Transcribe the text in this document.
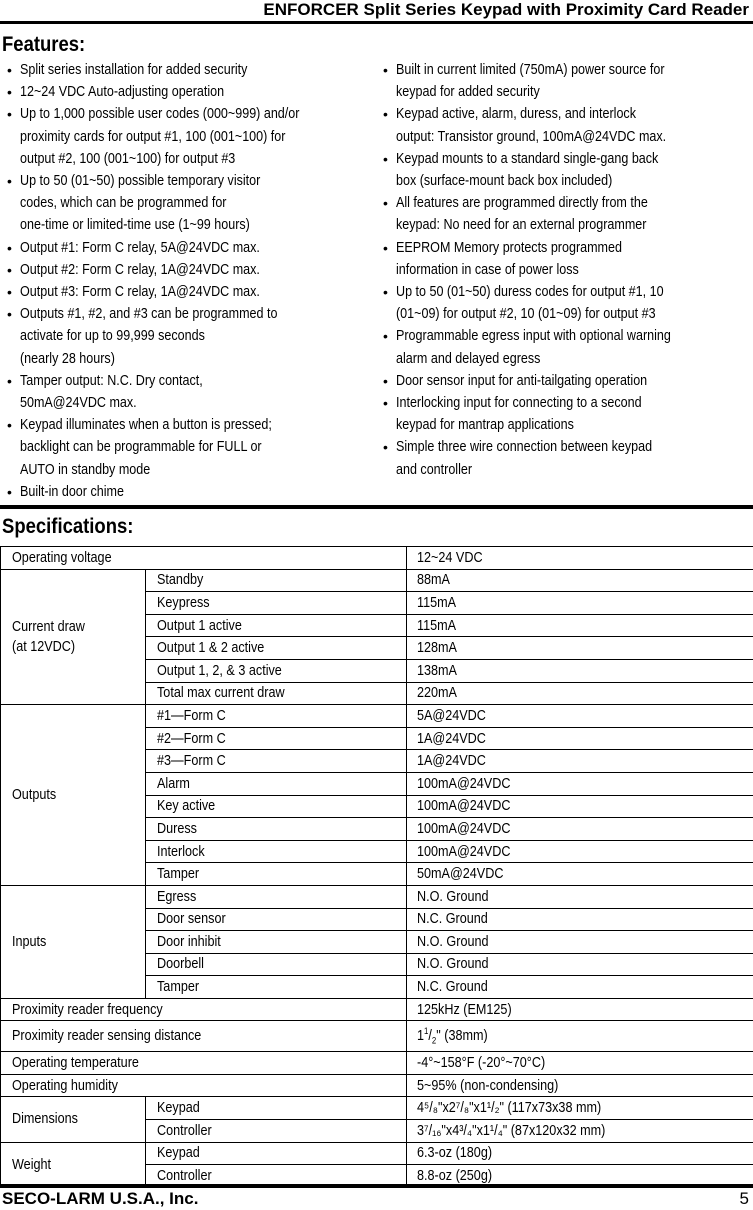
ENFORCER Split Series Keypad with Proximity Card Reader
Features:
• Split series installation for added security
• 12~24 VDC Auto-adjusting operation
• Up to 1,000 possible user codes (000~999) and/or
proximity cards for output #1, 100 (001~100) for
output #2, 100 (001~100) for output #3
• Up to 50 (01~50) possible temporary visitor
codes, which can be programmed for
one-time or limited-time use (1~99 hours)
• Output #1: Form C relay, 5A@24VDC max.
• Output #2: Form C relay, 1A@24VDC max.
• Output #3: Form C relay, 1A@24VDC max.
• Outputs #1, #2, and #3 can be programmed to
activate for up to 99,999 seconds
(nearly 28 hours)
• Tamper output: N.C. Dry contact,
50mA@24VDC max.
• Keypad illuminates when a button is pressed;
backlight can be programmable for FULL or
AUTO in standby mode
• Built-in door chime
• Built in current limited (750mA) power source for
keypad for added security
• Keypad active, alarm, duress, and interlock
output: Transistor ground, 100mA@24VDC max.
• Keypad mounts to a standard single-gang back
box (surface-mount back box included)
• All features are programmed directly from the
keypad: No need for an external programmer
• EEPROM Memory protects programmed
information in case of power loss
• Up to 50 (01~50) duress codes for output #1, 10
(01~09) for output #2, 10 (01~09) for output #3
• Programmable egress input with optional warning
alarm and delayed egress
• Door sensor input for anti-tailgating operation
• Interlocking input for connecting to a second
keypad for mantrap applications
• Simple three wire connection between keypad
and controller
Specifications:
Operating voltage		12~24 VDC
Current draw
(at 12VDC)	Standby	88mA
	Keypress	115mA
	Output 1 active	115mA
	Output 1 & 2 active	128mA
	Output 1, 2, & 3 active	138mA
	Total max current draw	220mA
Outputs	#1—Form C	5A@24VDC
	#2—Form C	1A@24VDC
	#3—Form C	1A@24VDC
	Alarm	100mA@24VDC
	Key active	100mA@24VDC
	Duress	100mA@24VDC
	Interlock	100mA@24VDC
	Tamper	50mA@24VDC
Inputs	Egress	N.O. Ground
	Door sensor	N.C. Ground
	Door inhibit	N.O. Ground
	Doorbell	N.O. Ground
	Tamper	N.C. Ground
Proximity reader frequency		125kHz (EM125)
Proximity reader sensing distance		$1^1/_2$" (38mm)
Operating temperature		-4°~158°F (-20°~70°C)
Operating humidity		5~95% (non-condensing)
Dimensions	Keypad	4⁵/₈"x2⁷/₈"x1¹/₂" (117x73x38 mm)
	Controller	3⁷/₁₆"x4³/₄"x1¹/₄" (87x120x32 mm)
Weight	Keypad	6.3-oz (180g)
	Controller	8.8-oz (250g)
SECO-LARM U.S.A., Inc.	5
